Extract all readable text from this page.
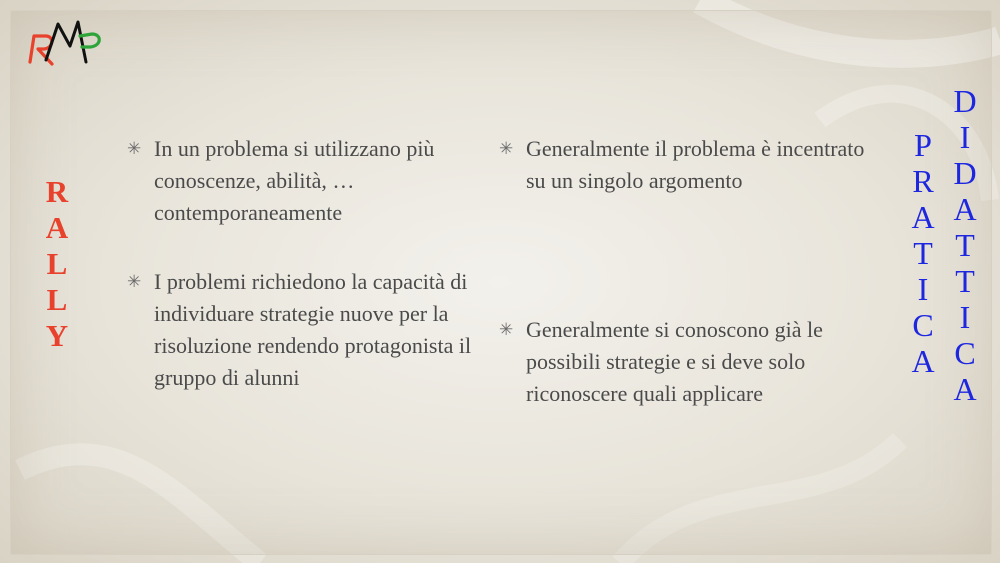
R
A
L
L
Y
P
R
A
T
I
C
A
D
I
D
A
T
T
I
C
A
✳ In un problema si utilizzano più conoscenze, abilità, … contemporaneamente
✳ I problemi richiedono la capacità di individuare strategie nuove per la risoluzione rendendo protagonista il gruppo di alunni
✳ Generalmente il problema è incentrato su un singolo argomento
✳ Generalmente si conoscono già le possibili strategie e si deve solo riconoscere quali applicare
